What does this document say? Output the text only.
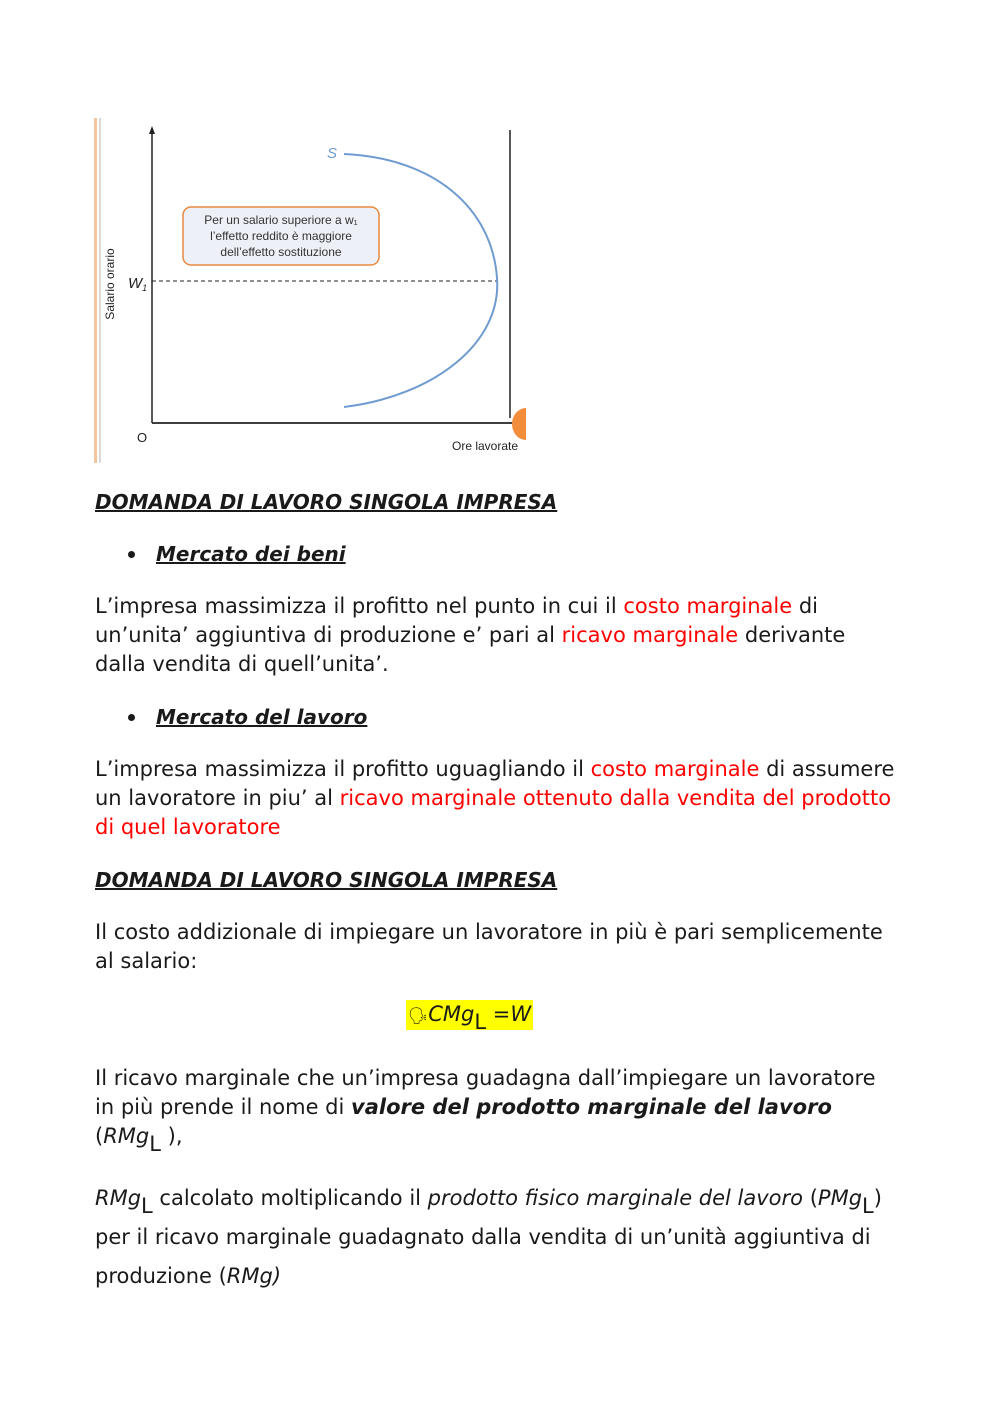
Per un salario superiore a w₁
l’effetto reddito è maggiore
dell’effetto sostituzione
S
$W_1$
Salario orario
O
Ore lavorate

DOMANDA DI LAVORO SINGOLA IMPRESA

Mercato dei beni

L’impresa massimizza il profitto nel punto in cui il costo marginale di un’unita’ aggiuntiva di produzione e’ pari al ricavo marginale derivante dalla vendita di quell’unita’.

Mercato del lavoro

L’impresa massimizza il profitto uguagliando il costo marginale di assumere un lavoratore in piu’ al ricavo marginale ottenuto dalla vendita del prodotto di quel lavoratore

DOMANDA DI LAVORO SINGOLA IMPRESA

Il costo addizionale di impiegare un lavoratore in più è pari semplicemente al salario:

🗣CMg$_L$ =W

Il ricavo marginale che un’impresa guadagna dall’impiegare un lavoratore in più prende il nome di valore del prodotto marginale del lavoro (RMg$_L$ ),

RMg$_L$ calcolato moltiplicando il prodotto fisico marginale del lavoro (PMg$_L$) per il ricavo marginale guadagnato dalla vendita di un’unità aggiuntiva di produzione (RMg)
